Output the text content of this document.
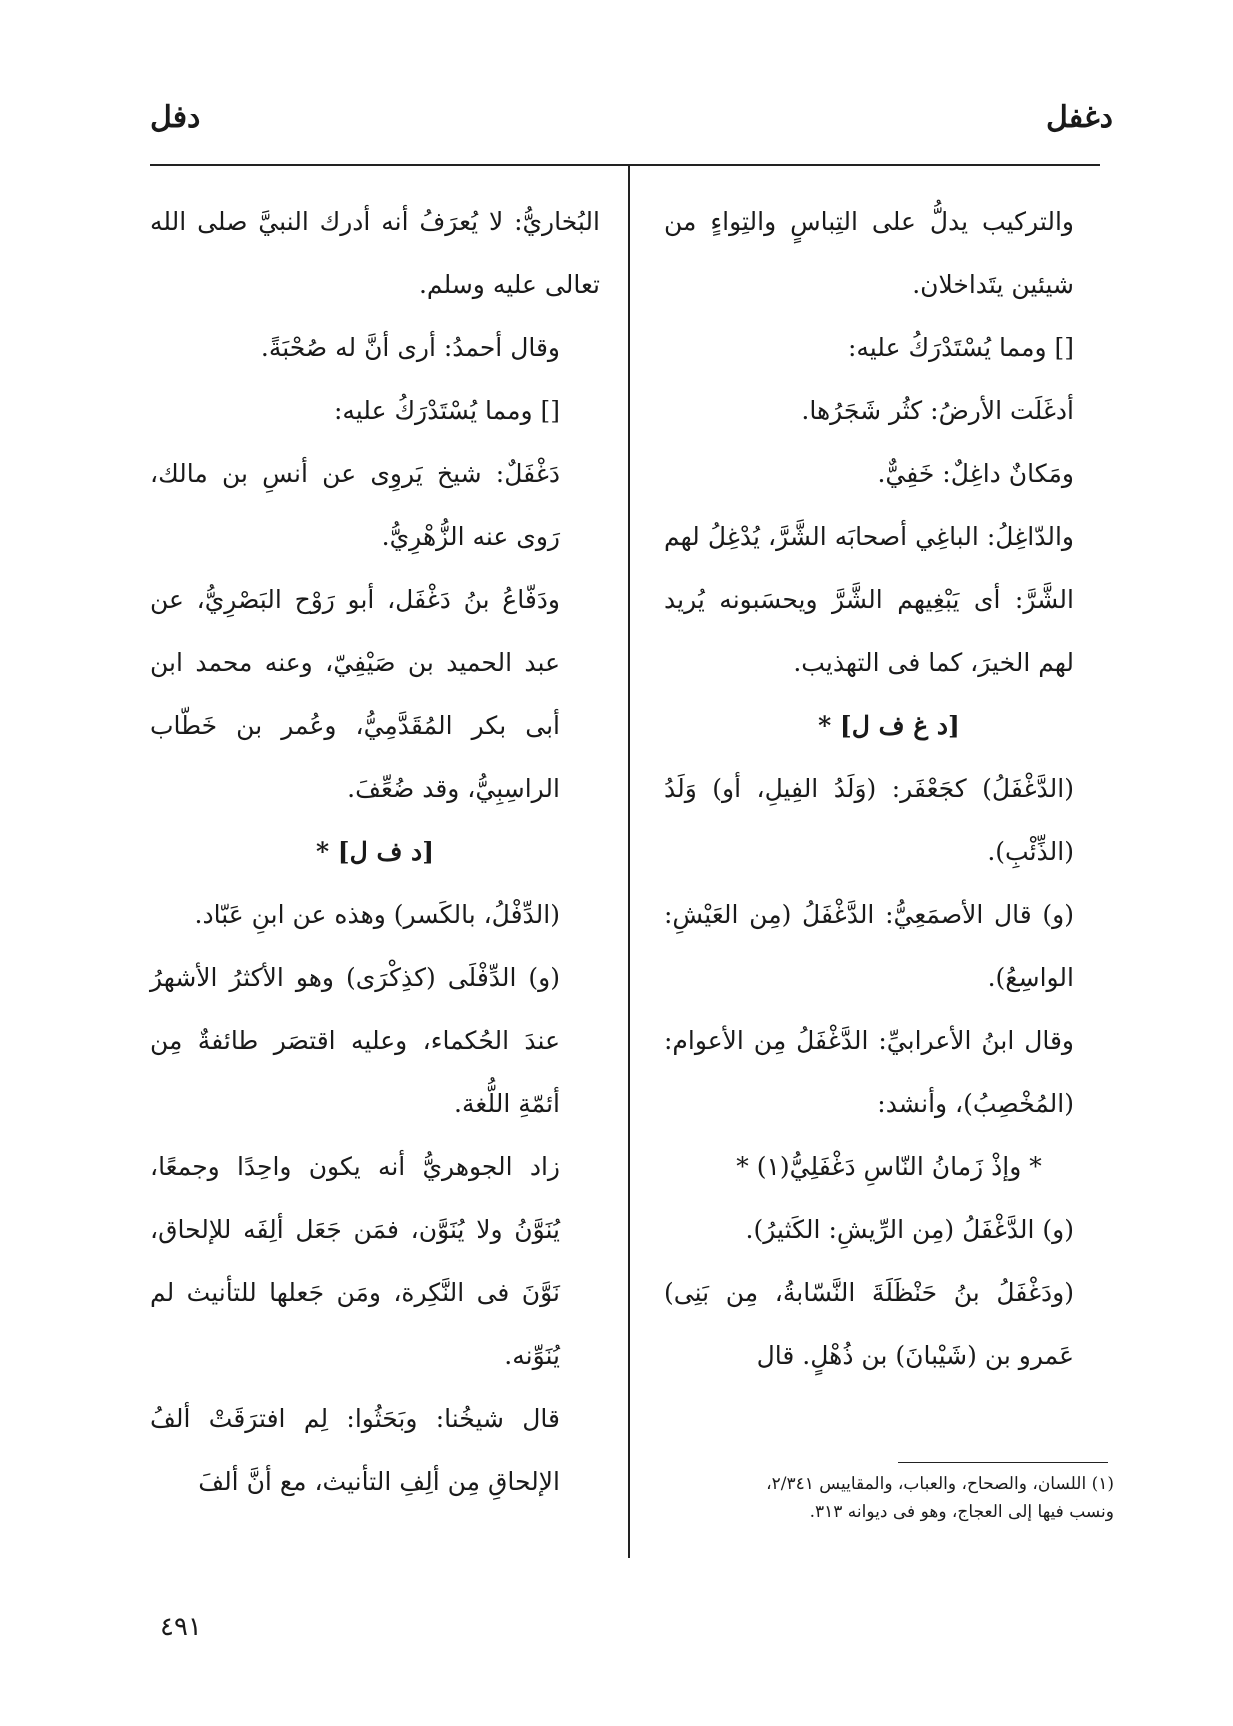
دغفل
دفل

والتركيب يدلُّ على التِباسٍ والتِواءٍ من شيئين يتَداخلان.

[] ومما يُسْتَدْرَكُ عليه:

أدغَلَت الأرضُ: كثُر شَجَرُها.

ومَكانٌ داغِلٌ: خَفِيٌّ.

والدّاغِلُ: الباغِي أصحابَه الشَّرَّ، يُدْغِلُ لهم الشَّرَّ: أى يَبْغِيهم الشَّرَّ ويحسَبونه يُريد لهم الخيرَ، كما فى التهذيب.

[د غ ف ل] *

(الدَّغْفَلُ) كجَعْفَر: (وَلَدُ الفِيلِ، أو) وَلَدُ (الذِّئْبِ).

(و) قال الأصمَعِيُّ: الدَّغْفَلُ (مِن العَيْشِ: الواسِعُ).

وقال ابنُ الأعرابيِّ: الدَّغْفَلُ مِن الأعوام: (المُخْصِبُ)، وأنشد:

* وإذْ زَمانُ النّاسِ دَغْفَلِيُّ(١) *

(و) الدَّغْفَلُ (مِن الرِّيشِ: الكَثيرُ).

(ودَغْفَلُ بنُ حَنْظَلَةَ النَّسّابةُ، مِن بَنِى) عَمرو بن (شَيْبانَ) بن ذُهْلٍ. قال

البُخاريُّ: لا يُعرَفُ أنه أدرك النبيَّ صلى الله تعالى عليه وسلم.

وقال أحمدُ: أرى أنَّ له صُحْبَةً.

[] ومما يُسْتَدْرَكُ عليه:

دَغْفَلٌ: شيخ يَروِى عن أنسِ بن مالك، رَوى عنه الزُّهْرِيُّ.

ودَفّاعُ بنُ دَغْفَل، أبو رَوْح البَصْرِيُّ، عن عبد الحميد بن صَيْفِيّ، وعنه محمد ابن أبى بكر المُقَدَّمِيُّ، وعُمر بن خَطّاب الراسِبِيُّ، وقد ضُعِّفَ.

[د ف ل] *

(الدِّفْلُ، بالكَسر) وهذه عن ابنِ عَبّاد.

(و) الدِّفْلَى (كذِكْرَى) وهو الأكثرُ الأشهرُ عندَ الحُكماء، وعليه اقتصَر طائفةٌ مِن أئمّةِ اللُّغة.

زاد الجوهريُّ أنه يكون واحِدًا وجمعًا، يُنَوَّنُ ولا يُنَوَّن، فمَن جَعَل ألِفَه للإلحاق، نَوَّنَ فى النَّكِرة، ومَن جَعلها للتأنيث لم يُنَوِّنه.

قال شيخُنا: وبَحَثُوا: لِم افترَقَتْ ألفُ الإلحاقِ مِن ألِفِ التأنيث، مع أنَّ ألفَ	(١) اللسان، والصحاح، والعباب، والمقاييس ٢/٣٤١،

ونسب فيها إلى العجاج، وهو فى ديوانه ٣١٣.

٤٩١
